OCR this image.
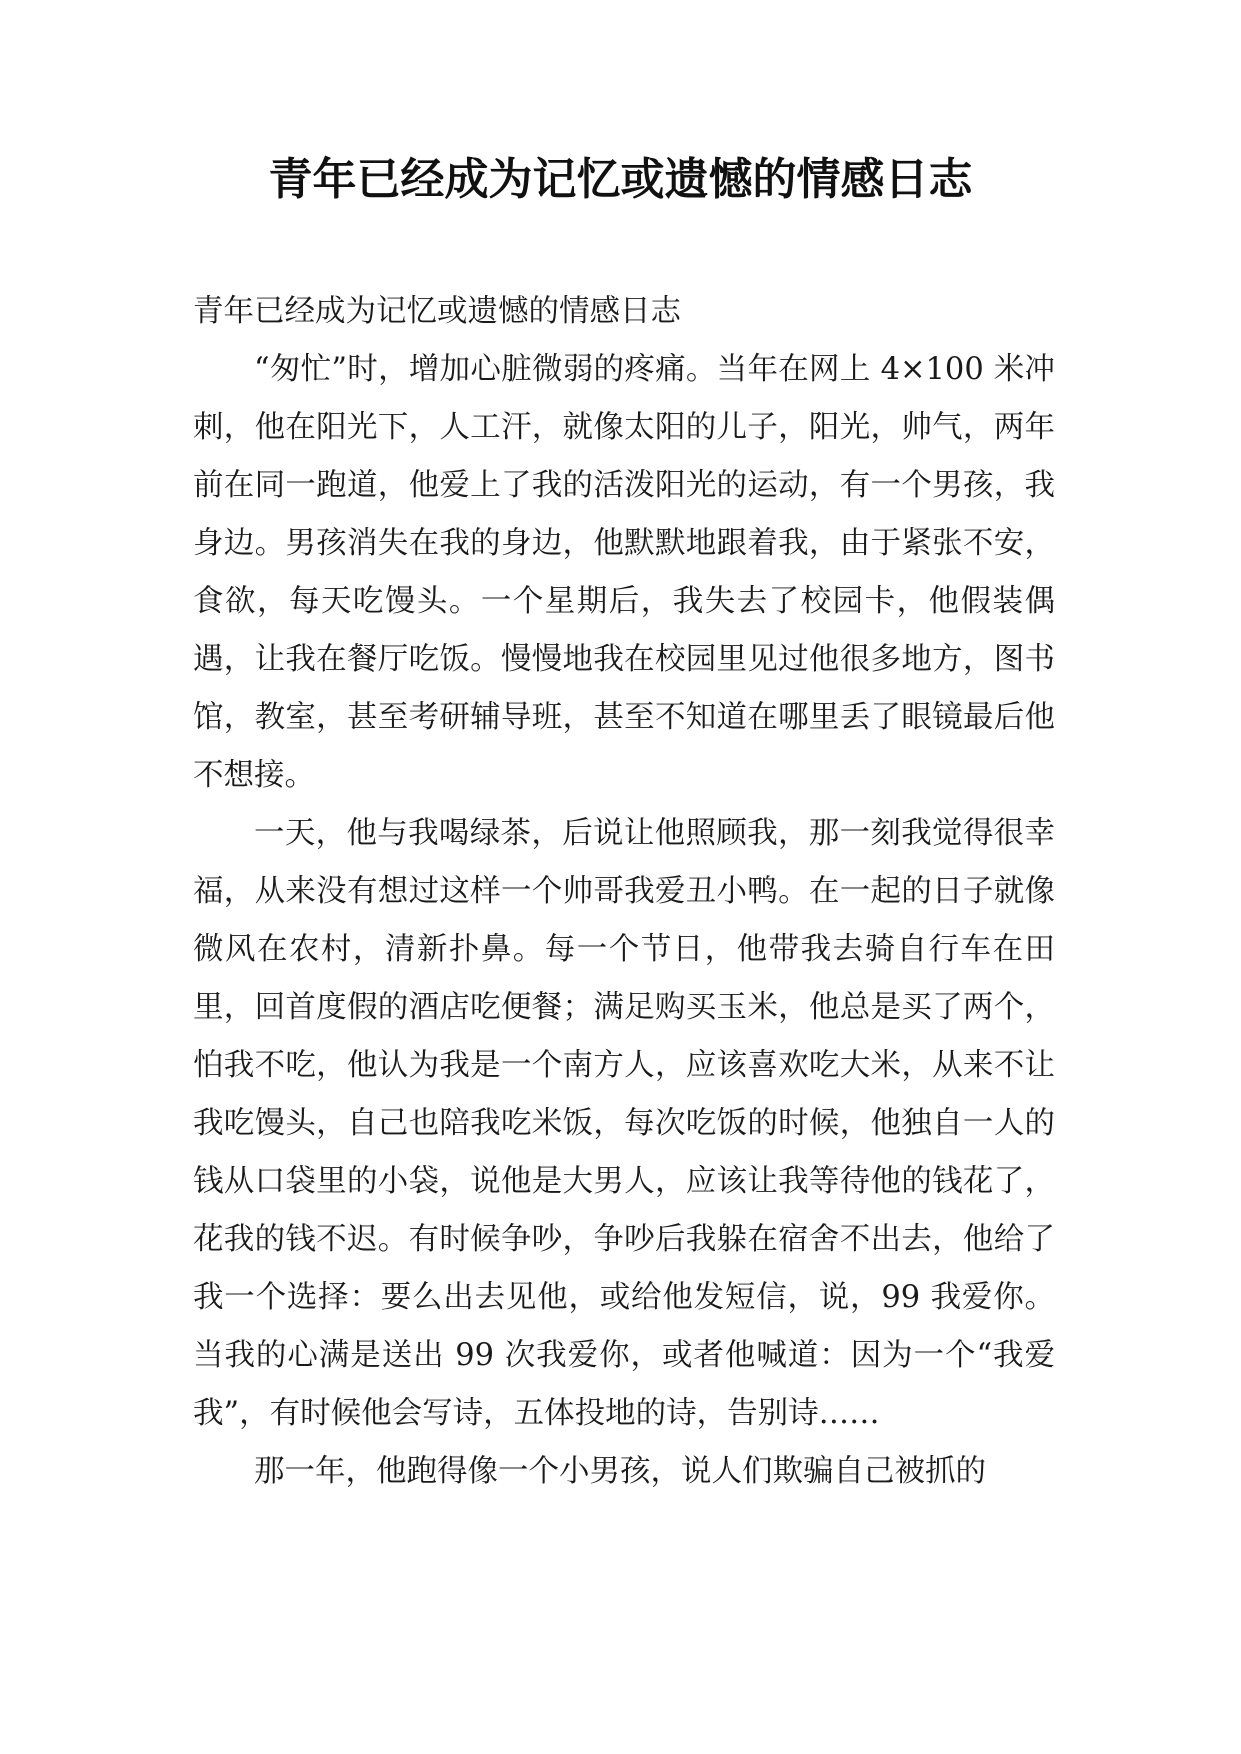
青年已经成为记忆或遗憾的情感日志

青年已经成为记忆或遗憾的情感日志

“匆忙”时，增加心脏微弱的疼痛。当年在网上 4×100 米冲刺，他在阳光下，人工汗，就像太阳的儿子，阳光，帅气，两年前在同一跑道，他爱上了我的活泼阳光的运动，有一个男孩，我身边。男孩消失在我的身边，他默默地跟着我，由于紧张不安，食欲，每天吃馒头。一个星期后，我失去了校园卡，他假装偶遇，让我在餐厅吃饭。慢慢地我在校园里见过他很多地方，图书馆，教室，甚至考研辅导班，甚至不知道在哪里丢了眼镜最后他不想接。

一天，他与我喝绿茶，后说让他照顾我，那一刻我觉得很幸福，从来没有想过这样一个帅哥我爱丑小鸭。在一起的日子就像微风在农村，清新扑鼻。每一个节日，他带我去骑自行车在田里，回首度假的酒店吃便餐；满足购买玉米，他总是买了两个，怕我不吃，他认为我是一个南方人，应该喜欢吃大米，从来不让我吃馒头，自己也陪我吃米饭，每次吃饭的时候，他独自一人的钱从口袋里的小袋，说他是大男人，应该让我等待他的钱花了，花我的钱不迟。有时候争吵，争吵后我躲在宿舍不出去，他给了我一个选择：要么出去见他，或给他发短信，说，99 我爱你。当我的心满是送出 99 次我爱你，或者他喊道：因为一个“我爱我”，有时候他会写诗，五体投地的诗，告别诗……

那一年，他跑得像一个小男孩，说人们欺骗自己被抓的
